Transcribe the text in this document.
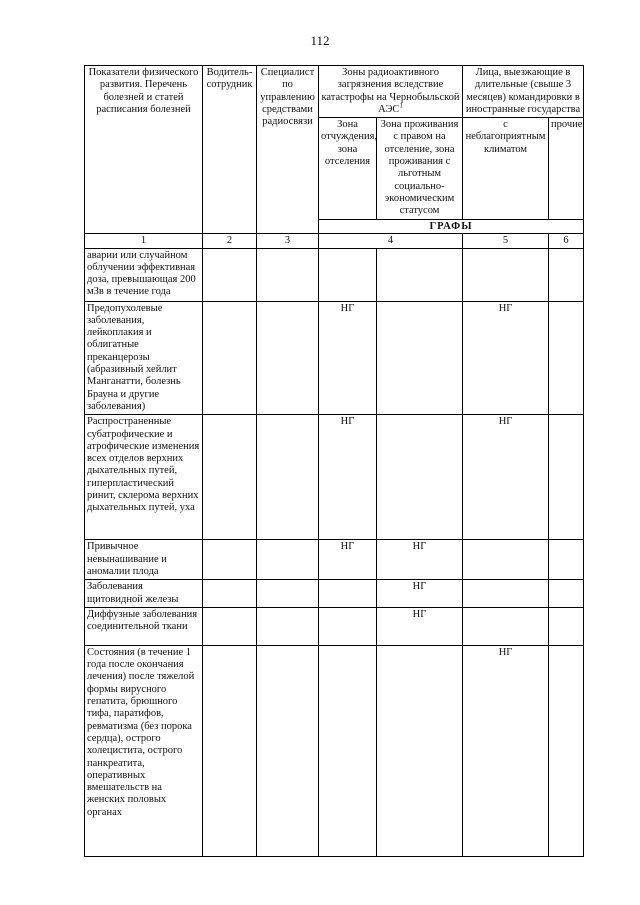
112
Показатели физического развития. Перечень болезней и статей расписания болезней	Водитель-сотрудник	Специалист по управлению средствами радиосвязи	Зоны радиоактивного загрязнения вследствие катастрофы на Чернобыльской АЭС$^1$		Лица, выезжающие в длительные (свыше 3 месяцев) командировки в иностранные государства	
			Зона отчуждения, зона отселения	Зона проживания с правом на отселение, зона проживания с льготным социально-экономическим статусом	с неблагоприятным климатом	прочие
			ГРАФЫ			
1	2	3	4		5	6
аварии или случайном облучении эффективная доза, превышающая 200 мЗв в течение года						
Предопухолевые заболевания, лейкоплакия и облигатные преканцерозы (абразивный хейлит Манганатти, болезнь Брауна и другие заболевания)			НГ		НГ	
Распространенные субатрофические и атрофические изменения всех отделов верхних дыхательных путей, гиперпластический ринит, склерома верхних дыхательных путей, уха			НГ		НГ	
Привычное невынашивание и аномалии плода			НГ	НГ		
Заболевания щитовидной железы				НГ		
Диффузные заболевания соединительной ткани				НГ		
Состояния (в течение 1 года после окончания лечения) после тяжелой формы вирусного гепатита, брюшного тифа, паратифов, ревматизма (без порока сердца), острого холецистита, острого панкреатита, оперативных вмешательств на женских половых органах					НГ	
